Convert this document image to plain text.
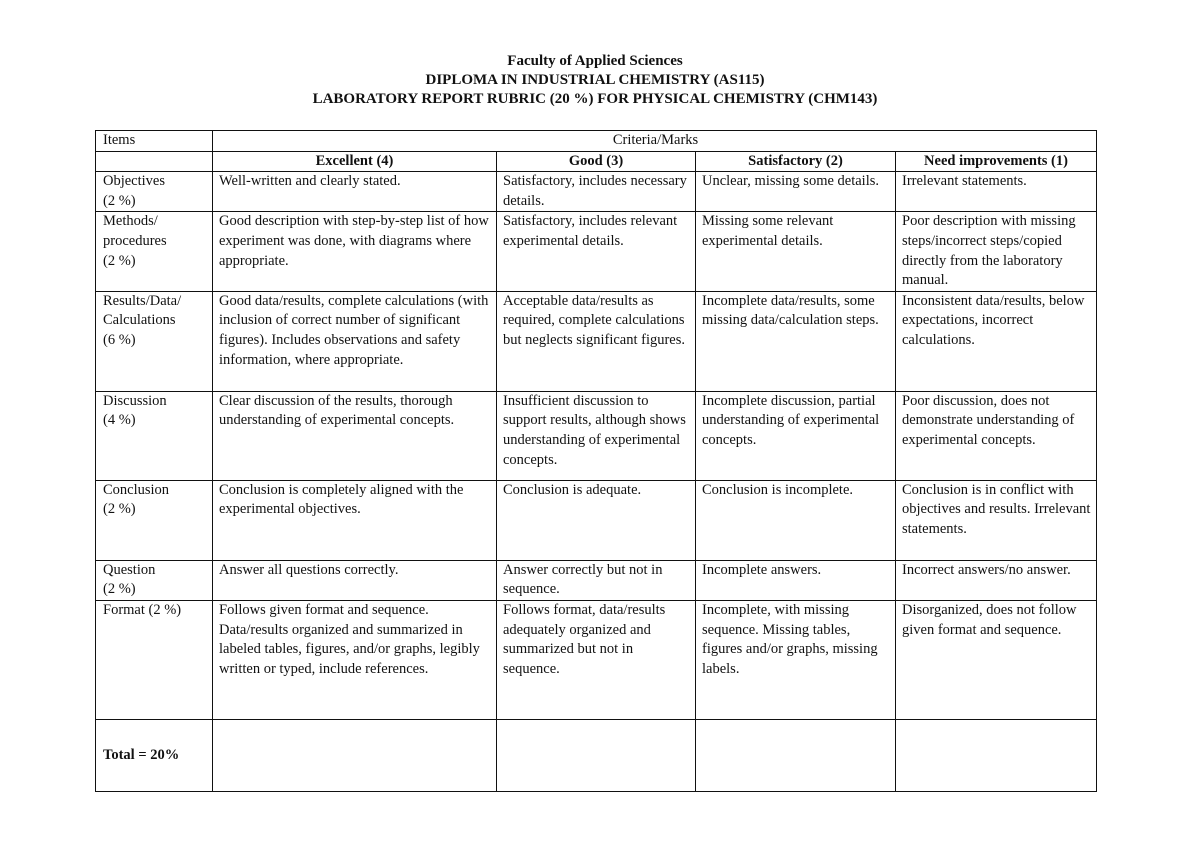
Faculty of Applied Sciences
DIPLOMA IN INDUSTRIAL CHEMISTRY (AS115)
LABORATORY REPORT RUBRIC (20 %) FOR PHYSICAL CHEMISTRY (CHM143)
Items	Criteria/Marks			
	Excellent (4)	Good (3)	Satisfactory (2)	Need improvements (1)
Objectives
(2 %)	Well-written and clearly stated.	Satisfactory, includes necessary details.	Unclear, missing some details.	Irrelevant statements.
Methods/
procedures
(2 %)	Good description with step-by-step list of how experiment was done, with diagrams where appropriate.	Satisfactory, includes relevant experimental details.	Missing some relevant experimental details.	Poor description with missing steps/incorrect steps/copied directly from the laboratory manual.
Results/Data/
Calculations
(6 %)	Good data/results, complete calculations (with inclusion of correct number of significant figures). Includes observations and safety information, where appropriate.	Acceptable data/results as required, complete calculations but neglects significant figures.	Incomplete data/results, some missing data/calculation steps.	Inconsistent data/results, below expectations, incorrect calculations.
Discussion
(4 %)	Clear discussion of the results, thorough understanding of experimental concepts.	Insufficient discussion to support results, although shows understanding of experimental concepts.	Incomplete discussion, partial understanding of experimental concepts.	Poor discussion, does not demonstrate understanding of experimental concepts.
Conclusion
(2 %)	Conclusion is completely aligned with the experimental objectives.	Conclusion is adequate.	Conclusion is incomplete.	Conclusion is in conflict with objectives and results. Irrelevant statements.
Question
(2 %)	Answer all questions correctly.	Answer correctly but not in sequence.	Incomplete answers.	Incorrect answers/no answer.
Format (2 %)	Follows given format and sequence. Data/results organized and summarized in labeled tables, figures, and/or graphs, legibly written or typed, include references.	Follows format, data/results adequately organized and summarized but not in sequence.	Incomplete, with missing sequence. Missing tables, figures and/or graphs, missing labels.	Disorganized, does not follow given format and sequence.
Total = 20%				
